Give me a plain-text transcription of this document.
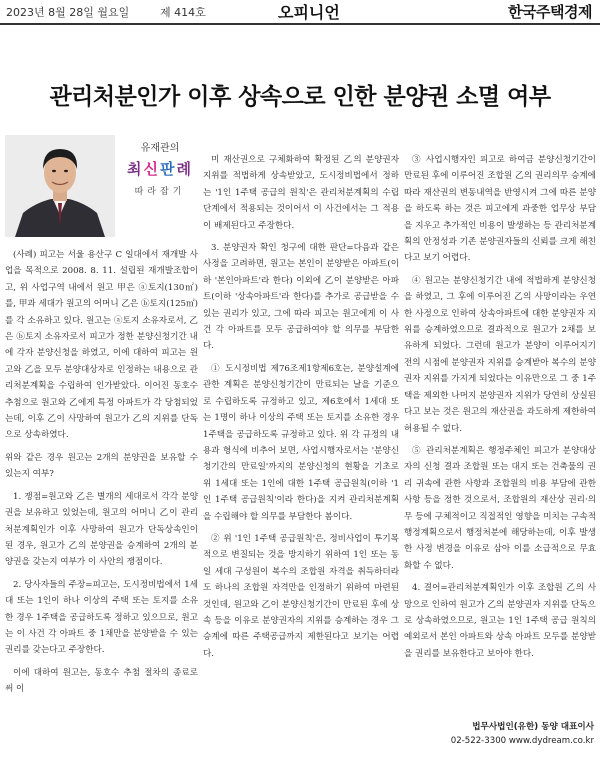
2023년 8월 28일 월요일	제 414호	오피니언	한국주택경제
관리처분인가 이후 상속으로 인한 분양권 소멸 여부
유재관의
최신판례
따라잡기

(사례) 피고는 서울 용산구 C 일대에서 재개발 사업을 목적으로 2008. 8. 11. 설립된 재개발조합이고, 위 사업구역 내에서 원고 甲은 ⓐ토지(130㎡)를, 甲과 세대가 원고의 어머니 乙은 ⓑ토지(125㎡)를 각 소유하고 있다. 원고는 ⓐ토지 소유자로서, 乙은 ⓑ토지 소유자로서 피고가 정한 분양신청기간 내에 각자 분양신청을 하였고, 이에 대하여 피고는 원고와 乙을 모두 분양대상자로 인정하는 내용으로 관리처분계획을 수립하여 인가받았다. 이어진 동호수 추첨으로 원고와 乙에게 특정 아파트가 각 당첨되었는데, 이후 乙이 사망하여 원고가 乙의 지위를 단독으로 상속하였다.

위와 같은 경우 원고는 2개의 분양권을 보유할 수 있는지 여부?

1. 쟁점=원고와 乙은 별개의 세대로서 각각 분양권을 보유하고 있었는데, 원고의 어머니 乙이 관리처분계획인가 이후 사망하여 원고가 단독상속인이 된 경우, 원고가 乙의 분양권을 승계하여 2개의 분양권을 갖는지 여부가 이 사안의 쟁점이다.

2. 당사자들의 주장=피고는, 도시정비법에서 1세대 또는 1인이 하나 이상의 주택 또는 토지를 소유한 경우 1주택을 공급하도록 정하고 있으므로, 원고는 이 사건 각 아파트 중 1채만을 분양받을 수 있는 권리를 갖는다고 주장한다.

이에 대하여 원고는, 동호수 추첨 절차의 종료로써 이

미 재산권으로 구체화하여 확정된 乙의 분양권자 지위를 적법하게 상속받았고, 도시정비법에서 정하는 '1인 1주택 공급의 원칙'은 관리처분계획의 수립 단계에서 적용되는 것이어서 이 사건에서는 그 적용이 배제된다고 주장한다.

3. 분양권자 확인 청구에 대한 판단=다음과 같은 사정을 고려하면, 원고는 본인이 분양받은 아파트(이하 '본인아파트'라 한다) 이외에 乙이 분양받은 아파트(이하 '상속아파트'라 한다)를 추가로 공급받을 수 있는 권리가 있고, 그에 따라 피고는 원고에게 이 사건 각 아파트를 모두 공급하여야 할 의무를 부담한다.

① 도시정비법 제76조제1항제6호는, 분양설계에 관한 계획은 분양신청기간이 만료되는 날을 기준으로 수립하도록 규정하고 있고, 제6호에서 1세대 또는 1명이 하나 이상의 주택 또는 토지를 소유한 경우 1주택을 공급하도록 규정하고 있다. 위 각 규정의 내용과 형식에 비추어 보면, 사업시행자로서는 '분양신청기간의 만료일'까지의 분양신청의 현황을 기초로 위 1세대 또는 1인에 대한 1주택 공급원칙(이하 '1인 1주택 공급원칙'이라 한다)을 지켜 관리처분계획을 수립해야 할 의무를 부담한다 봄이다.

② 위 '1인 1주택 공급원칙'은, 정비사업이 투기목적으로 변질되는 것을 방지하기 위하여 1인 또는 동일 세대 구성원이 복수의 조합원 자격을 취득하더라도 하나의 조합원 자격만을 인정하기 위하여 마련된 것인데, 원고와 乙이 분양신청기간이 만료된 후에 상속 등을 이유로 분양권자의 지위를 승계하는 경우 그 승계에 따른 주택공급까지 제한된다고 보기는 어렵다.

③ 사업시행자인 피고로 하여금 분양신청기간이 만료된 후에 이루어진 조합원 乙의 권리의무 승계에 따라 재산권의 변동내역을 반영시켜 그에 따른 분양을 하도록 하는 것은 피고에게 과중한 업무상 부담을 지우고 추가적인 비용이 발생하는 등 관리처분계획의 안정성과 기존 분양권자들의 신뢰를 크게 해친다고 보기 어렵다.

④ 원고는 분양신청기간 내에 적법하게 분양신청을 하였고, 그 후에 이루어진 乙의 사망이라는 우연한 사정으로 인하여 상속아파트에 대한 분양권자 지위를 승계하였으므로 결과적으로 원고가 2채를 보유하게 되었다. 그런데 원고가 분양이 이루어지기 전의 시점에 분양권자 지위를 승계받아 복수의 분양권자 지위를 가지게 되었다는 이유만으로 그 중 1주택을 제외한 나머지 분양권자 지위가 당연히 상실된다고 보는 것은 원고의 재산권을 과도하게 제한하여 허용될 수 없다.

⑤ 관리처분계획은 행정주체인 피고가 분양대상자의 신청 결과 조합원 또는 대지 또는 건축물의 권리 귀속에 관한 사항과 조합원의 비용 부담에 관한 사항 등을 정한 것으로서, 조합원의 재산상 권리·의무 등에 구체적이고 직접적인 영향을 미치는 구속적 행정계획으로서 행정처분에 해당하는데, 이후 발생한 사정 변경을 이유로 삼아 이를 소급적으로 무효화할 수 없다.

4. 결어=관리처분계획인가 이후 조합원 乙의 사망으로 인하여 원고가 乙의 분양권자 지위를 단독으로 상속하였으므로, 원고는 1인 1주택 공급 원칙의 예외로서 본인 아파트와 상속 아파트 모두를 분양받을 권리를 보유한다고 보아야 한다.

법무사법인(유한) 동양 대표이사
02-522-3300 www.dydream.co.kr
